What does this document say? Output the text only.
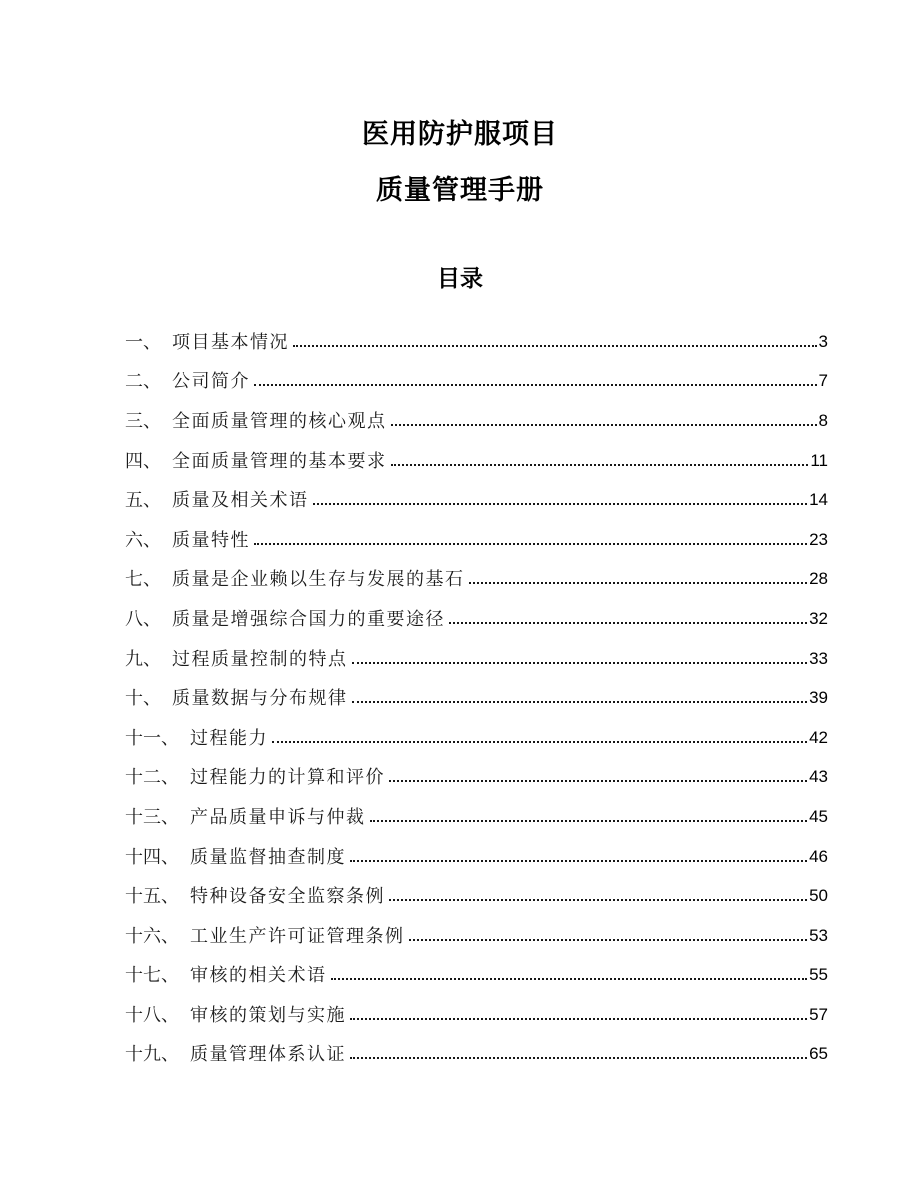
医用防护服项目
质量管理手册
目录
一、 项目基本情况	3
二、 公司简介	7
三、 全面质量管理的核心观点	8
四、 全面质量管理的基本要求	11
五、 质量及相关术语	14
六、 质量特性	23
七、 质量是企业赖以生存与发展的基石	28
八、 质量是增强综合国力的重要途径	32
九、 过程质量控制的特点	33
十、 质量数据与分布规律	39
十一、 过程能力	42
十二、 过程能力的计算和评价	43
十三、 产品质量申诉与仲裁	45
十四、 质量监督抽查制度	46
十五、 特种设备安全监察条例	50
十六、 工业生产许可证管理条例	53
十七、 审核的相关术语	55
十八、 审核的策划与实施	57
十九、 质量管理体系认证	65
